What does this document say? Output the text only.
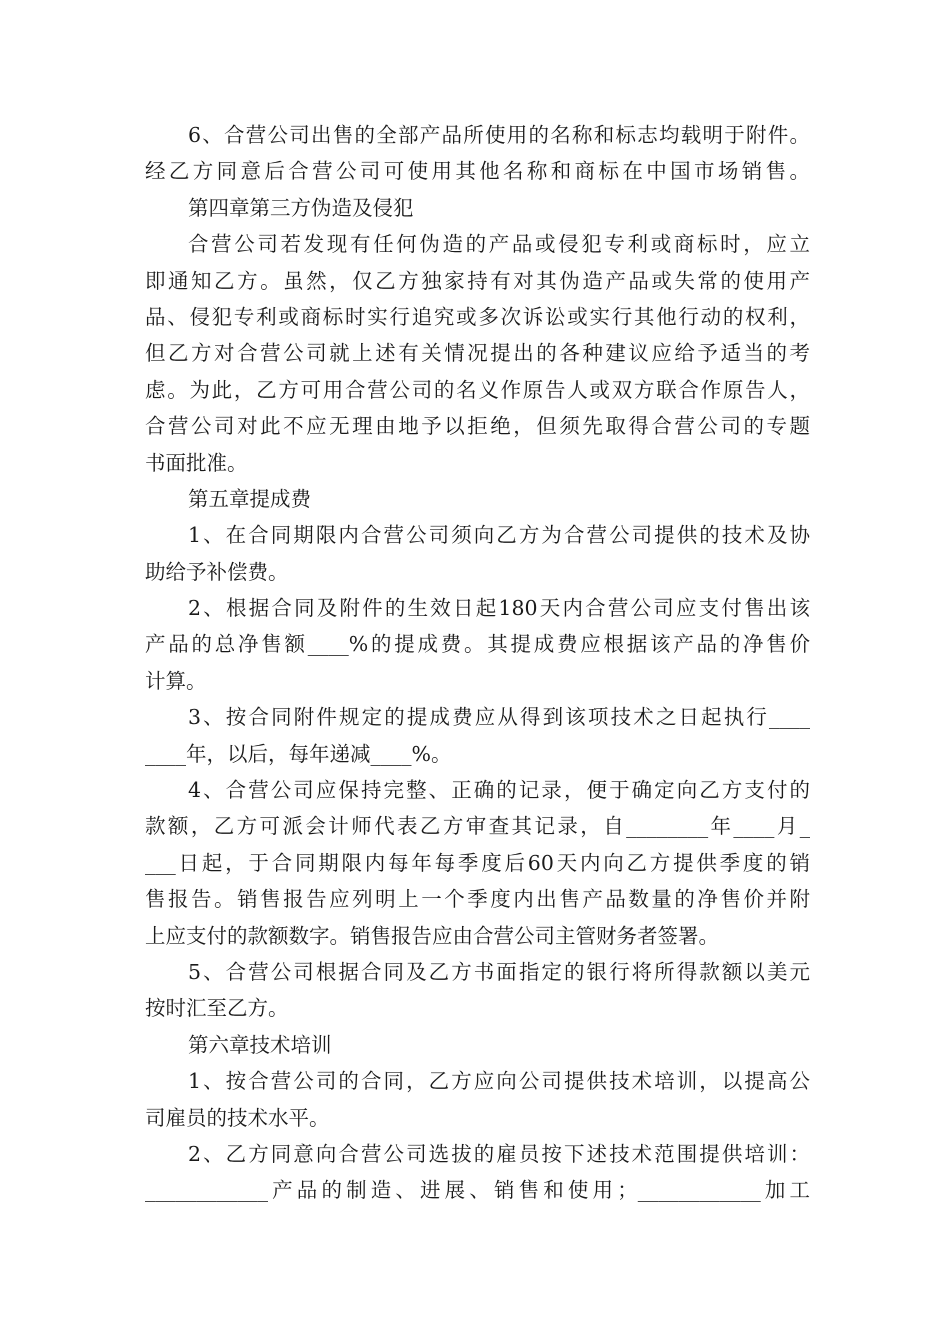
6、合营公司出售的全部产品所使用的名称和标志均载明于附件。
经乙方同意后合营公司可使用其他名称和商标在中国市场销售。
第四章第三方伪造及侵犯
合营公司若发现有任何伪造的产品或侵犯专利或商标时，应立
即通知乙方。虽然，仅乙方独家持有对其伪造产品或失常的使用产
品、侵犯专利或商标时实行追究或多次诉讼或实行其他行动的权利，
但乙方对合营公司就上述有关情况提出的各种建议应给予适当的考
虑。为此，乙方可用合营公司的名义作原告人或双方联合作原告人，
合营公司对此不应无理由地予以拒绝，但须先取得合营公司的专题
书面批准。
第五章提成费
1、在合同期限内合营公司须向乙方为合营公司提供的技术及协
助给予补偿费。
2、根据合同及附件的生效日起180天内合营公司应支付售出该
产品的总净售额____%的提成费。其提成费应根据该产品的净售价
计算。
3、按合同附件规定的提成费应从得到该项技术之日起执行____
____年，以后，每年递减____%。
4、合营公司应保持完整、正确的记录，便于确定向乙方支付的
款额，乙方可派会计师代表乙方审查其记录，自________年____月_
___日起，于合同期限内每年每季度后60天内向乙方提供季度的销
售报告。销售报告应列明上一个季度内出售产品数量的净售价并附
上应支付的款额数字。销售报告应由合营公司主管财务者签署。
5、合营公司根据合同及乙方书面指定的银行将所得款额以美元
按时汇至乙方。
第六章技术培训
1、按合营公司的合同，乙方应向公司提供技术培训，以提高公
司雇员的技术水平。
2、乙方同意向合营公司选拔的雇员按下述技术范围提供培训：
____________产品的制造、进展、销售和使用；____________加工
